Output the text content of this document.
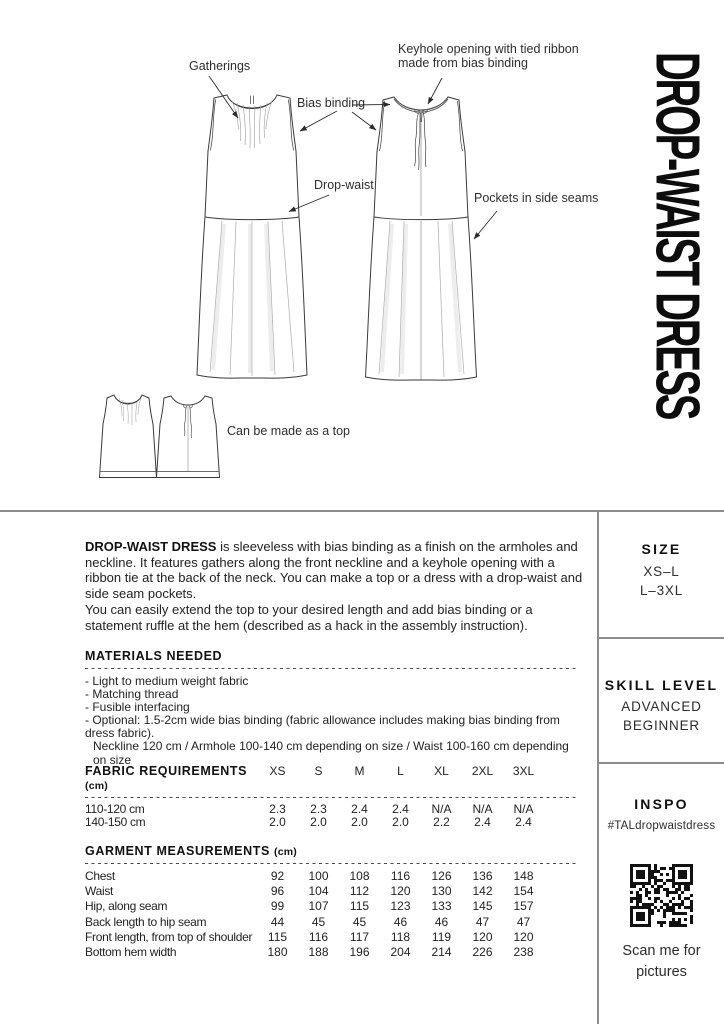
Gatherings
Keyhole opening with tied ribbon
made from bias binding
Bias binding
Drop-waist
Pockets in side seams
Can be made as a top
DROP-WAIST DRESS

DROP-WAIST DRESS is sleeveless with bias binding as a finish on the armholes and neckline. It features gathers along the front neckline and a keyhole opening with a ribbon tie at the back of the neck. You can make a top or a dress with a drop-waist and side seam pockets.

You can easily extend the top to your desired length and add bias binding or a statement ruffle at the hem (described as a hack in the assembly instruction).

MATERIALS NEEDED
- Light to medium weight fabric
- Matching thread
- Fusible interfacing
- Optional: 1.5-2cm wide bias binding (fabric allowance includes making bias binding from dress fabric).
Neckline 120 cm / Armhole 100-140 cm depending on size / Waist 100-160 cm depending on size
FABRIC REQUIREMENTS (cm)
XS	S	M	L	XL	2XL	3XL
110-120 cm	2.3	2.3	2.4	2.4	N/A	N/A	N/A
140-150 cm	2.0	2.0	2.0	2.0	2.2	2.4	2.4
GARMENT MEASUREMENTS (cm)
Chest	92	100	108	116	126	136	148
Waist	96	104	112	120	130	142	154
Hip, along seam	99	107	115	123	133	145	157
Back length to hip seam	44	45	45	46	46	47	47
Front length, from top of shoulder	115	116	117	118	119	120	120
Bottom hem width	180	188	196	204	214	226	238
SIZE
XS–L
L–3XL
SKILL LEVEL
ADVANCED
BEGINNER
INSPO
#TALdropwaistdress
Scan me for
pictures
